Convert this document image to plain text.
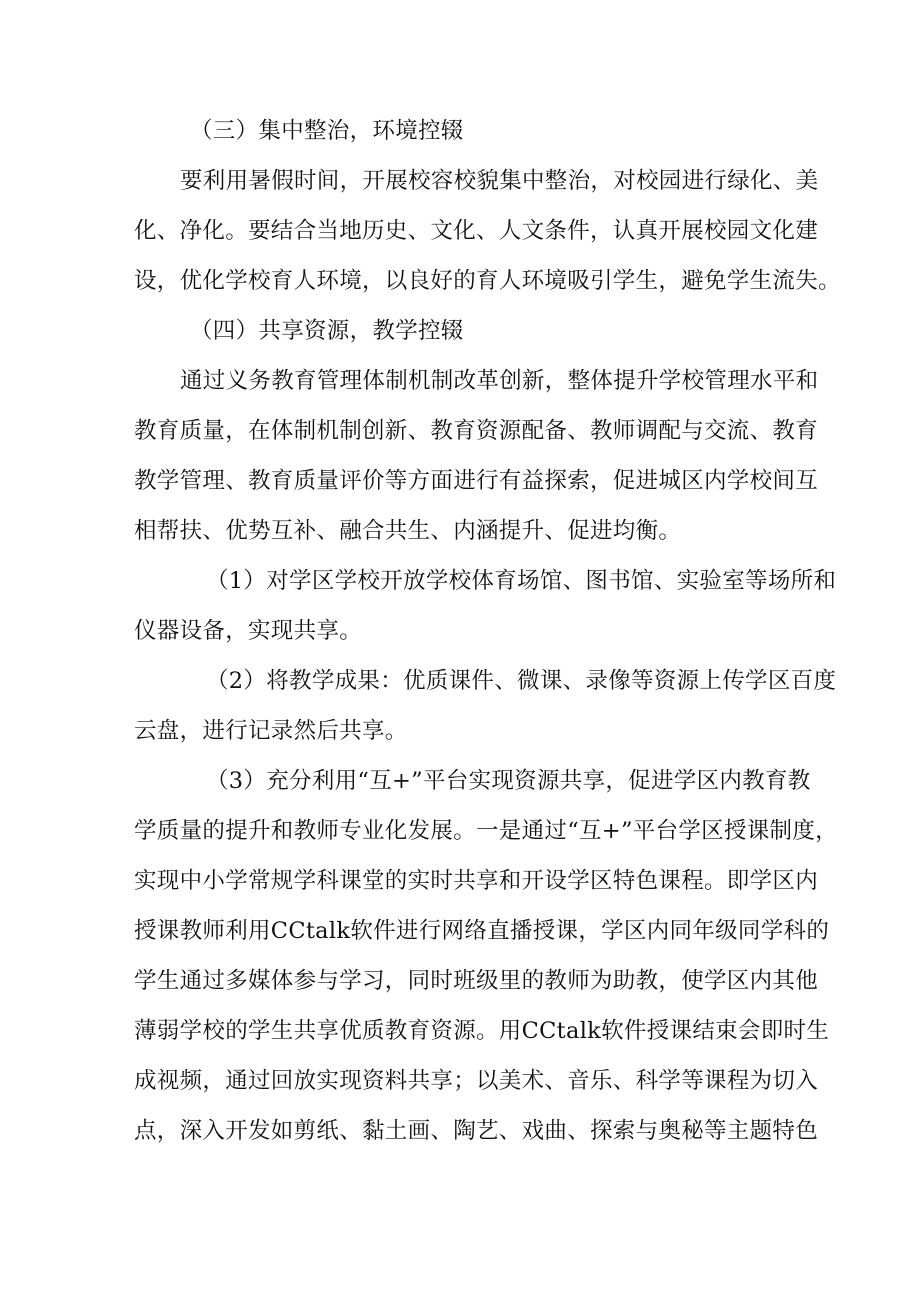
（三）集中整治，环境控辍
要利用暑假时间，开展校容校貌集中整治，对校园进行绿化、美
化、净化。要结合当地历史、文化、人文条件，认真开展校园文化建
设，优化学校育人环境，以良好的育人环境吸引学生，避免学生流失。
（四）共享资源，教学控辍
通过义务教育管理体制机制改革创新，整体提升学校管理水平和
教育质量，在体制机制创新、教育资源配备、教师调配与交流、教育
教学管理、教育质量评价等方面进行有益探索，促进城区内学校间互
相帮扶、优势互补、融合共生、内涵提升、促进均衡。
（1）对学区学校开放学校体育场馆、图书馆、实验室等场所和
仪器设备，实现共享。
（2）将教学成果：优质课件、微课、录像等资源上传学区百度
云盘，进行记录然后共享。
（3）充分利用“互+”平台实现资源共享，促进学区内教育教
学质量的提升和教师专业化发展。一是通过“互+”平台学区授课制度，
实现中小学常规学科课堂的实时共享和开设学区特色课程。即学区内
授课教师利用CCtalk软件进行网络直播授课，学区内同年级同学科的
学生通过多媒体参与学习，同时班级里的教师为助教，使学区内其他
薄弱学校的学生共享优质教育资源。用CCtalk软件授课结束会即时生
成视频，通过回放实现资料共享；以美术、音乐、科学等课程为切入
点，深入开发如剪纸、黏土画、陶艺、戏曲、探索与奥秘等主题特色
